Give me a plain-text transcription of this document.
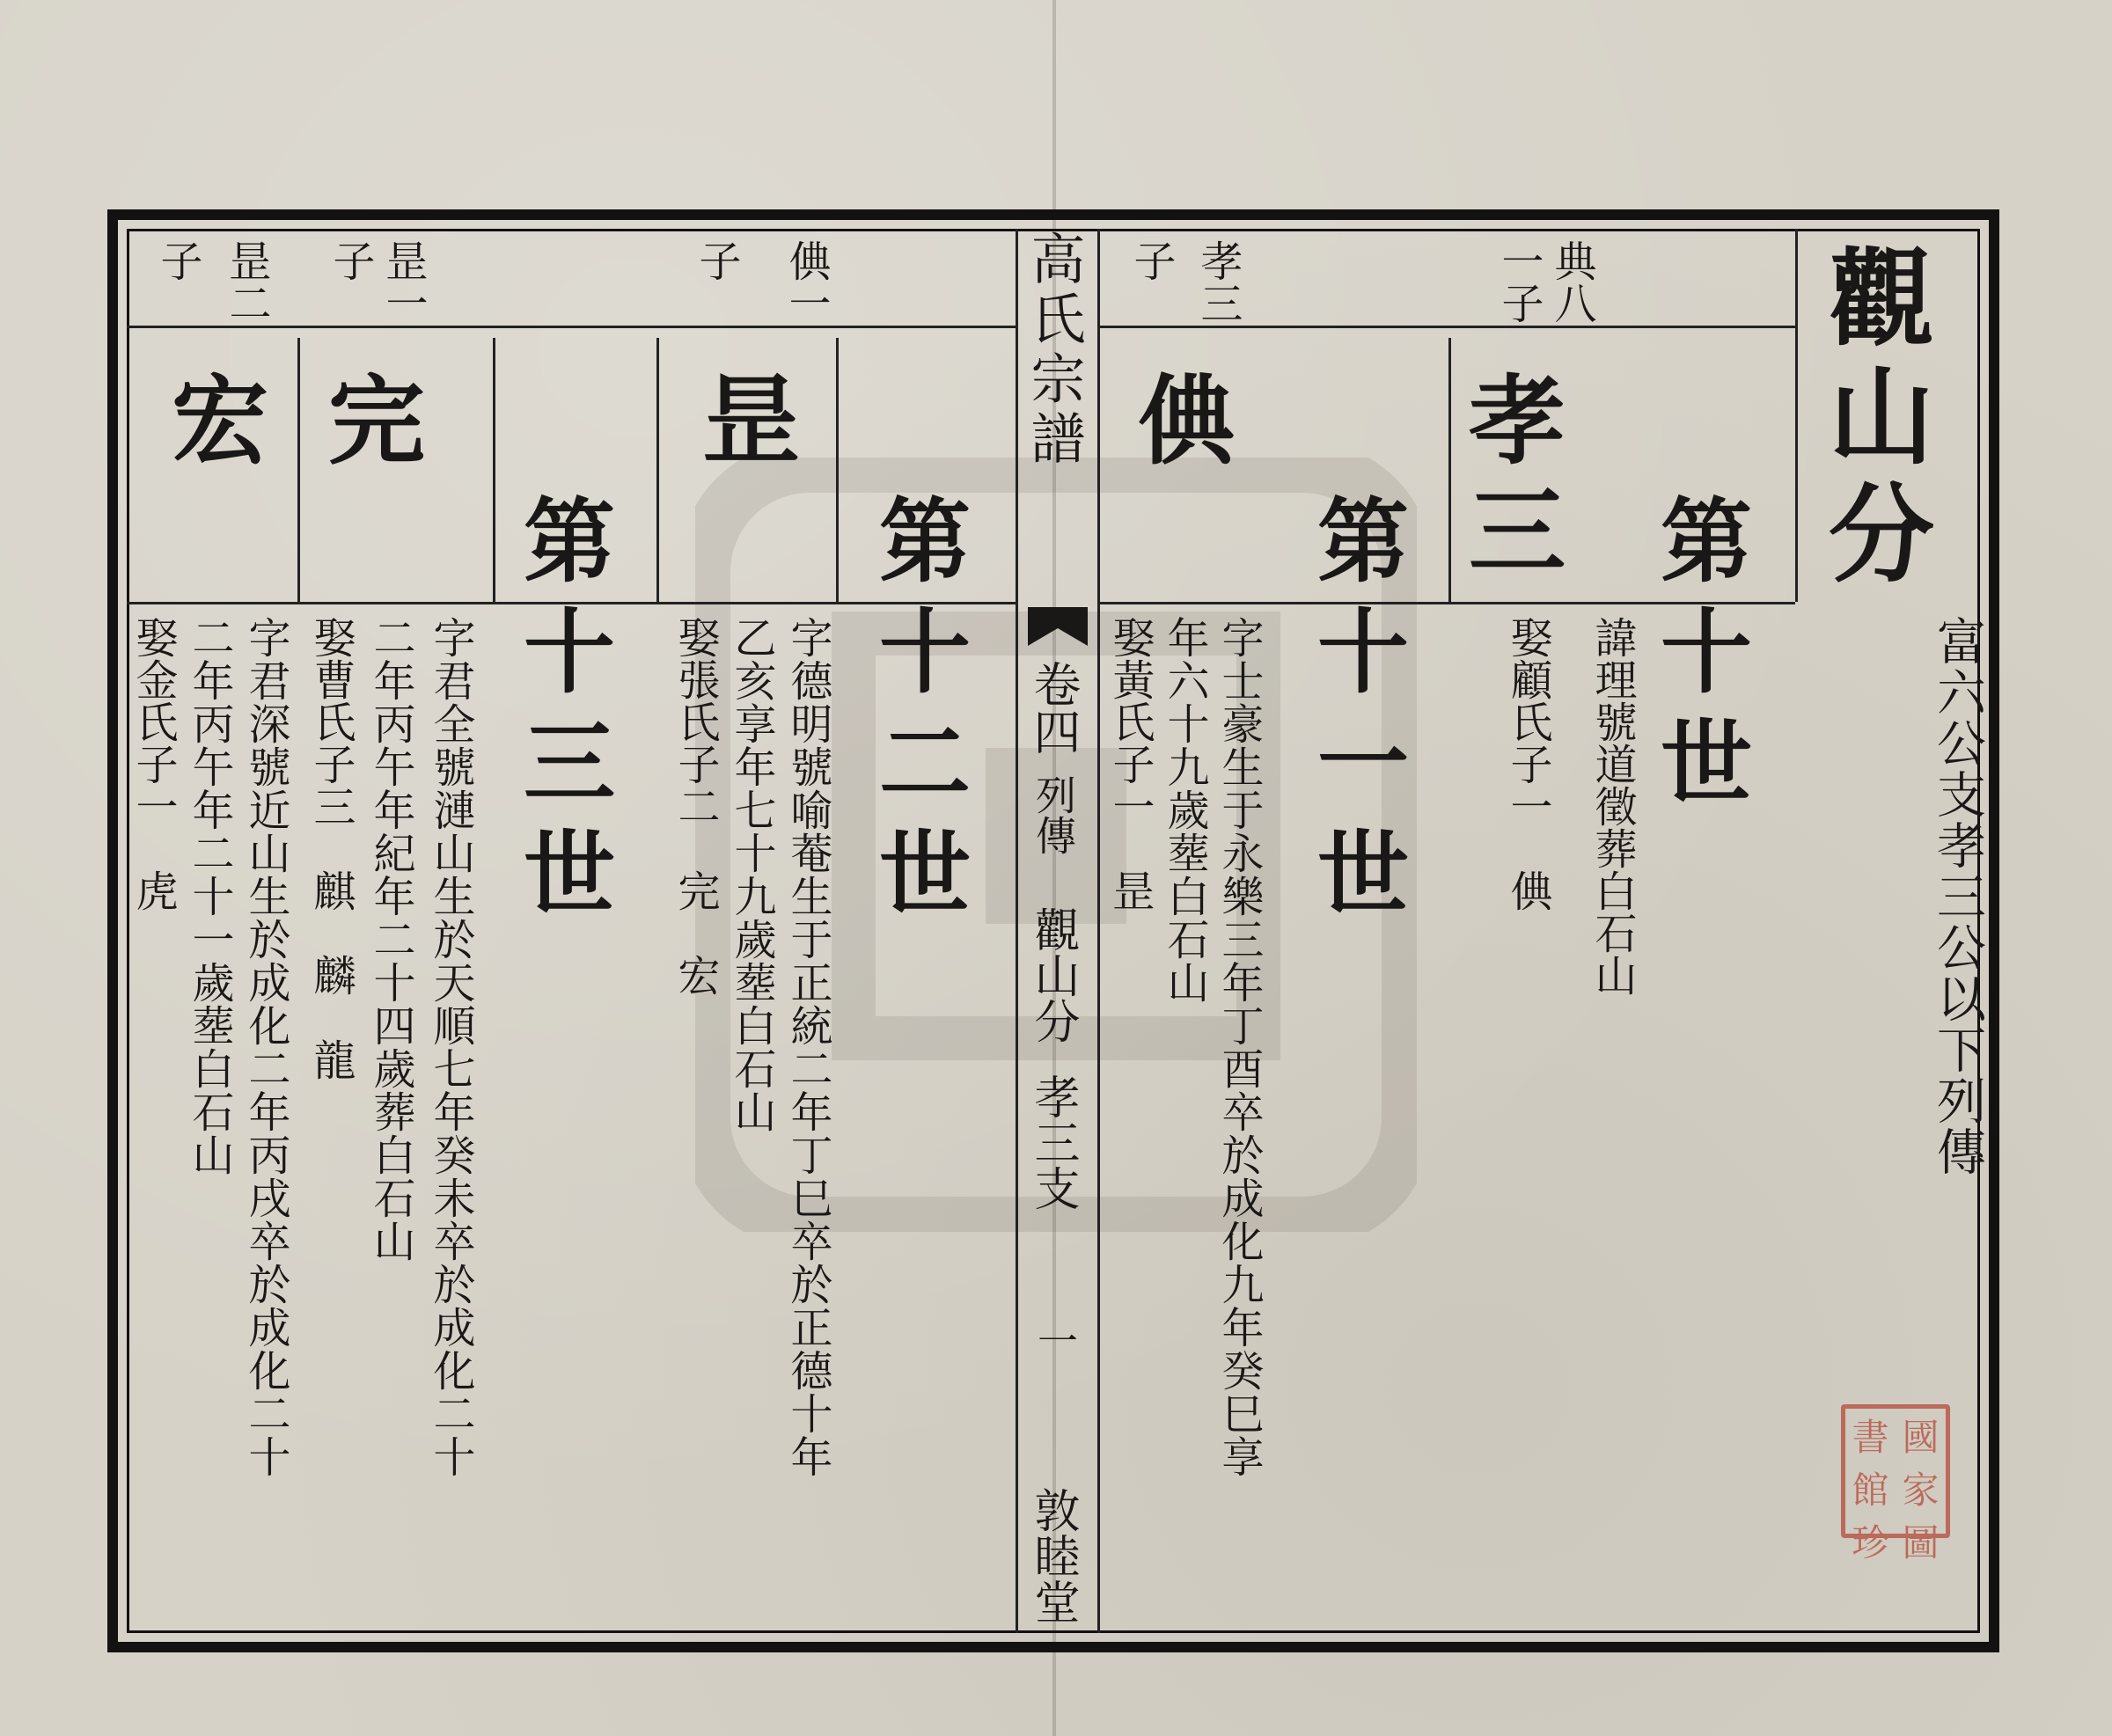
高氏宗譜
卷四
列傳
觀山分
孝三支
一
敦睦堂
觀山分
富六公支孝三公以下列傳
第十世
第十一世
第十二世
第十三世
典八
一子
孝三
諱理號道徵葬白石山
娶顧氏子一　倎
孝三
子
倎
字士豪生于永樂三年丁酉卒於成化九年癸巳享
年六十九歲塟白石山
娶黃氏子一　昰
倎一
子
昰
字德明號喻菴生于正統二年丁巳卒於正德十年
乙亥享年七十九歲塟白石山
娶張氏子二　完　宏
昰一
子
完
字君全號漣山生於天順七年癸未卒於成化二十
二年丙午年紀年二十四歲葬白石山
娶曹氏子三　麒　麟　龍
昰二
子
宏
字君深號近山生於成化二年丙戌卒於成化二十
二年丙午年二十一歲塟白石山
娶金氏子一　虎
書 國
館 家
珍 圖
